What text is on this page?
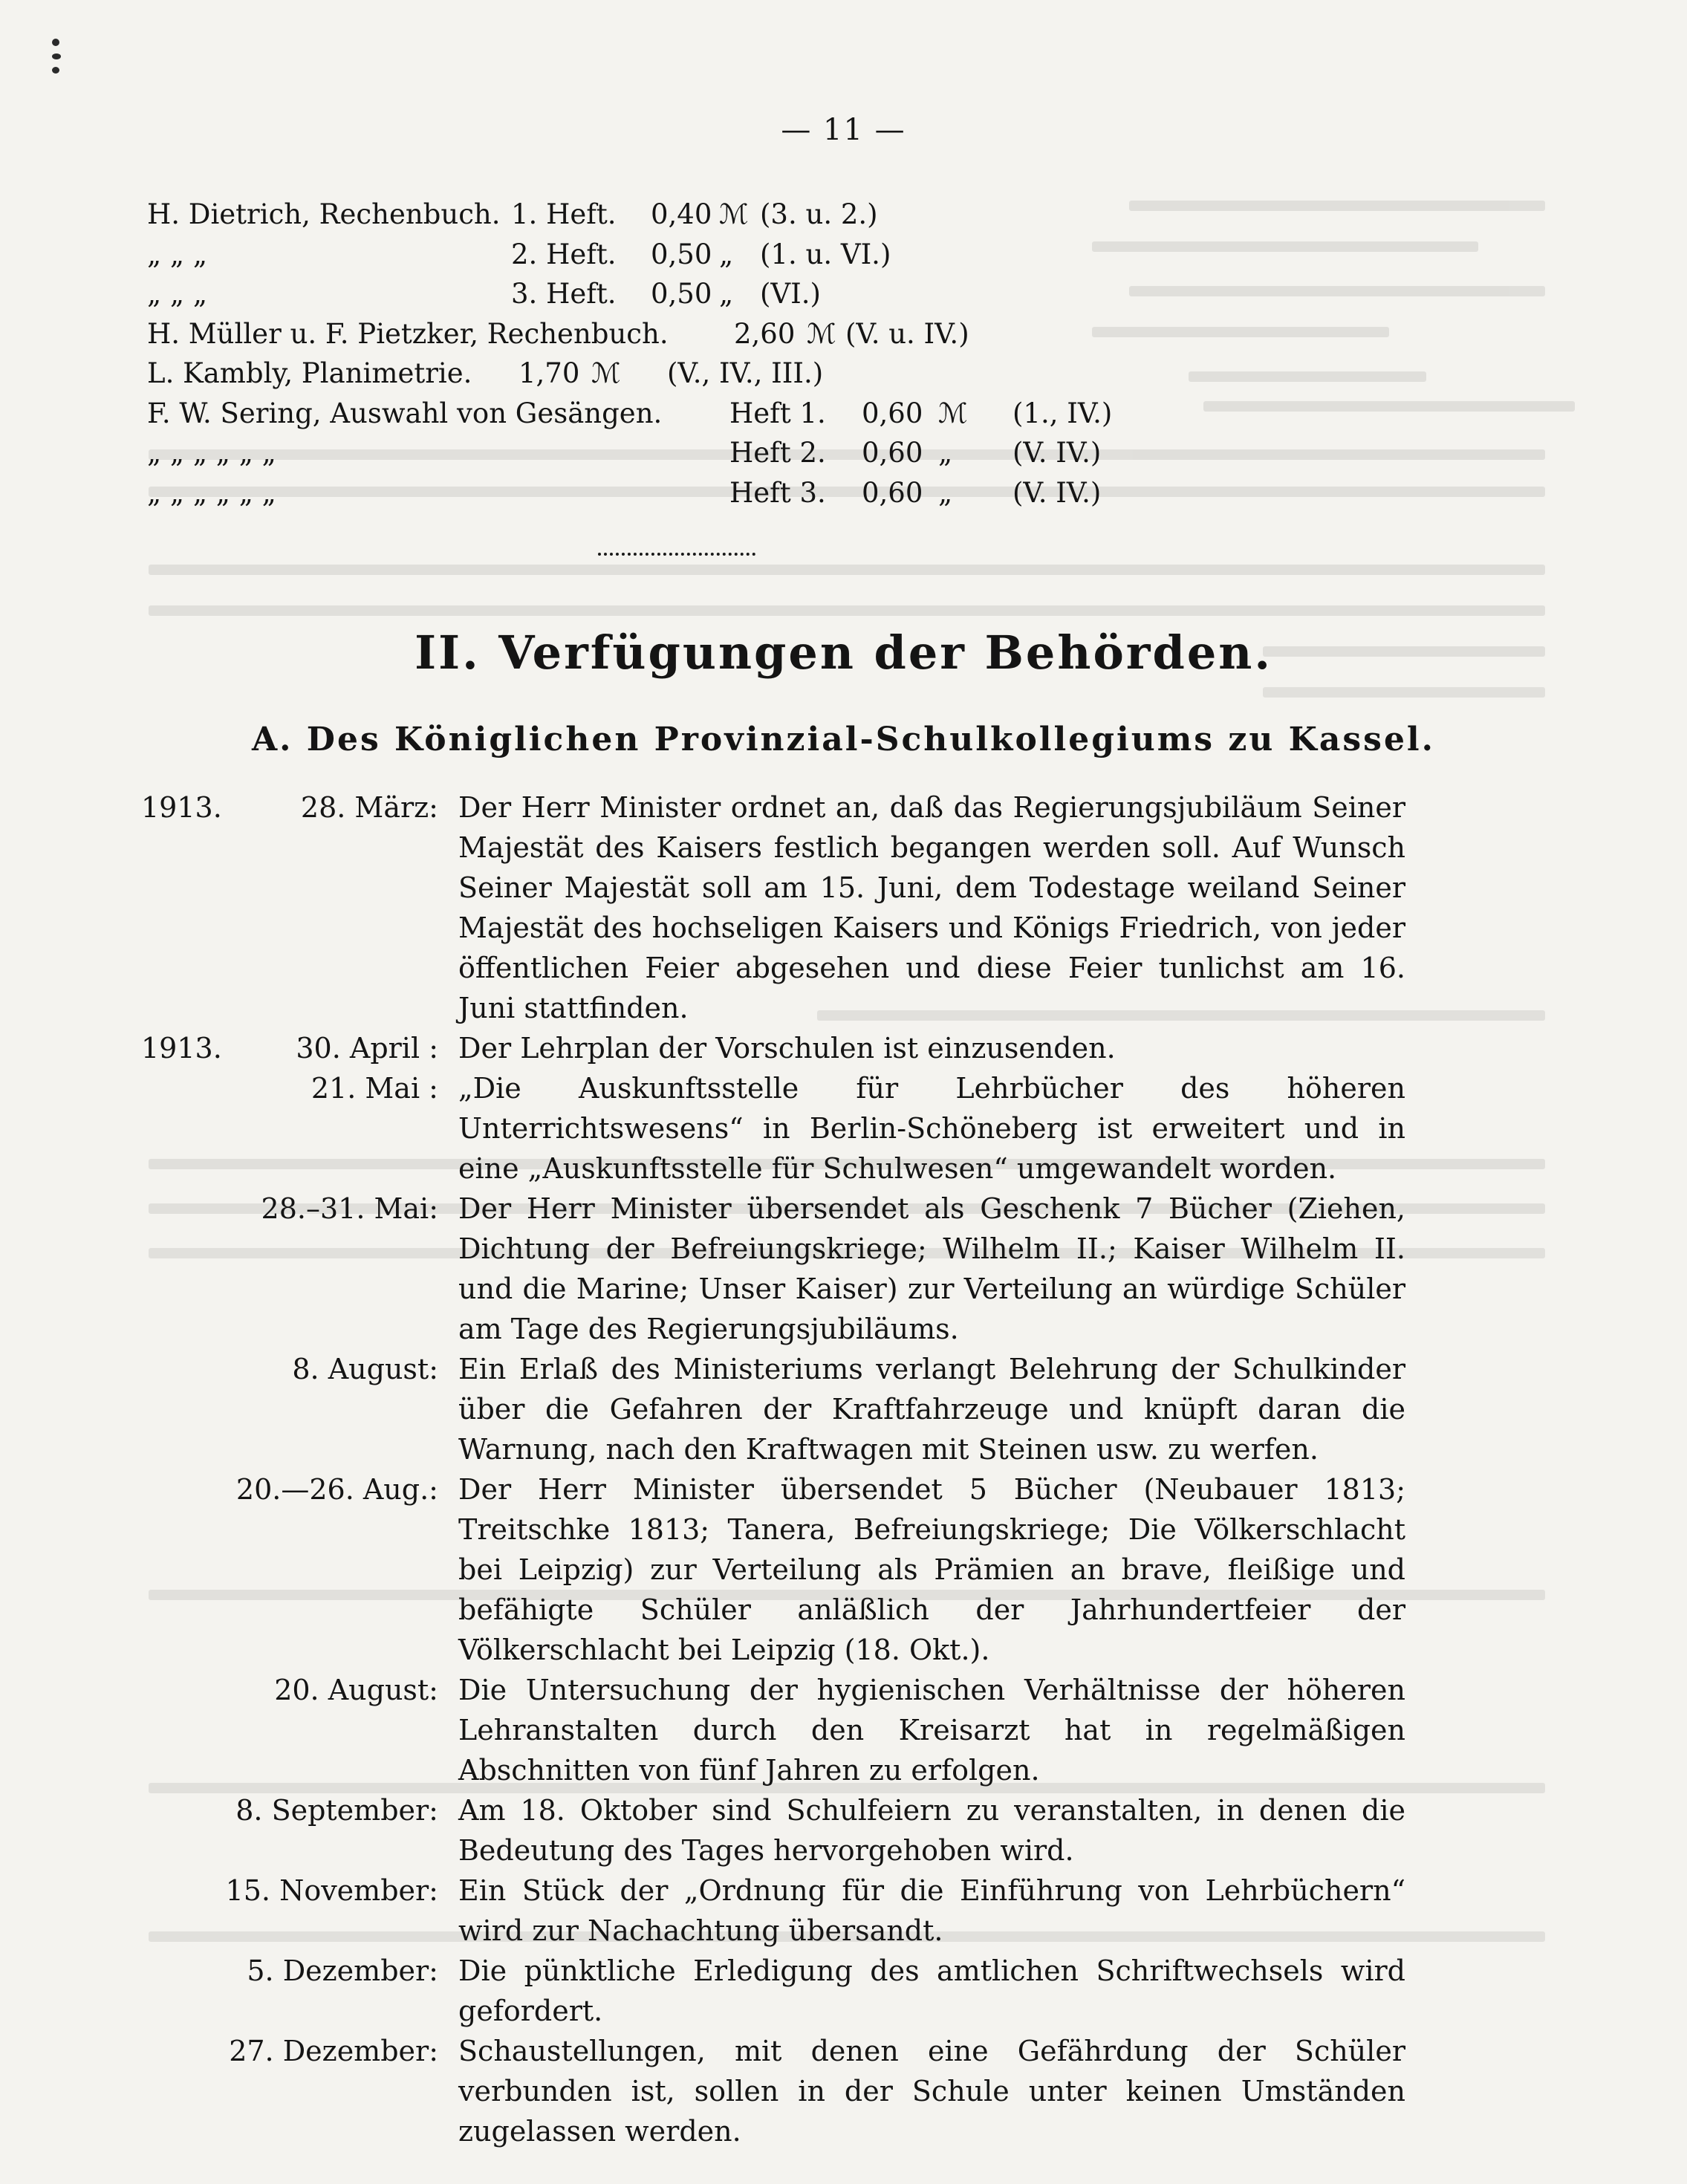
— 11 —
H. Dietrich, Rechenbuch. 1. Heft. 0,40 ℳ (3. u. 2.)
„ „ „	2. Heft. 0,50 „ (1. u. VI.)
„ „ „	3. Heft. 0,50 „ (VI.)
H. Müller u. F. Pietzker, Rechenbuch. 2,60 ℳ (V. u. IV.)
L. Kambly, Planimetrie. 1,70 ℳ (V., IV., III.)
F. W. Sering, Auswahl von Gesängen. Heft 1. 0,60 ℳ (1., IV.)
„ „ „ „ „ „	Heft 2. 0,60 „ (V. IV.)
„ „ „ „ „ „	Heft 3. 0,60 „ (V. IV.)
II. Verfügungen der Behörden.
A. Des Königlichen Provinzial-Schulkollegiums zu Kassel.
1913.	28. März: Der Herr Minister ordnet an, daß das Regierungsjubiläum Seiner Majestät des Kaisers festlich begangen werden soll. Auf Wunsch Seiner Majestät soll am 15. Juni, dem Todestage weiland Seiner Majestät des hochseligen Kaisers und Königs Friedrich, von jeder öffentlichen Feier abgesehen und diese Feier tunlichst am 16. Juni stattfinden.
1913.	30. April : Der Lehrplan der Vorschulen ist einzusenden.
21. Mai : „Die Auskunftsstelle für Lehrbücher des höheren Unterrichtswesens“ in Berlin-Schöneberg ist erweitert und in eine „Auskunftsstelle für Schulwesen“ umgewandelt worden.
28.–31. Mai: Der Herr Minister übersendet als Geschenk 7 Bücher (Ziehen, Dichtung der Befreiungskriege; Wilhelm II.; Kaiser Wilhelm II. und die Marine; Unser Kaiser) zur Verteilung an würdige Schüler am Tage des Regierungsjubiläums.
8. August: Ein Erlaß des Ministeriums verlangt Belehrung der Schulkinder über die Gefahren der Kraftfahrzeuge und knüpft daran die Warnung, nach den Kraftwagen mit Steinen usw. zu werfen.
20.—26. Aug.: Der Herr Minister übersendet 5 Bücher (Neubauer 1813; Treitschke 1813; Tanera, Befreiungskriege; Die Völkerschlacht bei Leipzig) zur Verteilung als Prämien an brave, fleißige und befähigte Schüler anläßlich der Jahrhundertfeier der Völkerschlacht bei Leipzig (18. Okt.).
20. August: Die Untersuchung der hygienischen Verhältnisse der höheren Lehranstalten durch den Kreisarzt hat in regelmäßigen Abschnitten von fünf Jahren zu erfolgen.
8. September: Am 18. Oktober sind Schulfeiern zu veranstalten, in denen die Bedeutung des Tages hervorgehoben wird.
15. November: Ein Stück der „Ordnung für die Einführung von Lehrbüchern“ wird zur Nachachtung übersandt.
5. Dezember: Die pünktliche Erledigung des amtlichen Schriftwechsels wird gefordert.
27. Dezember: Schaustellungen, mit denen eine Gefährdung der Schüler verbunden ist, sollen in der Schule unter keinen Umständen zugelassen werden.
